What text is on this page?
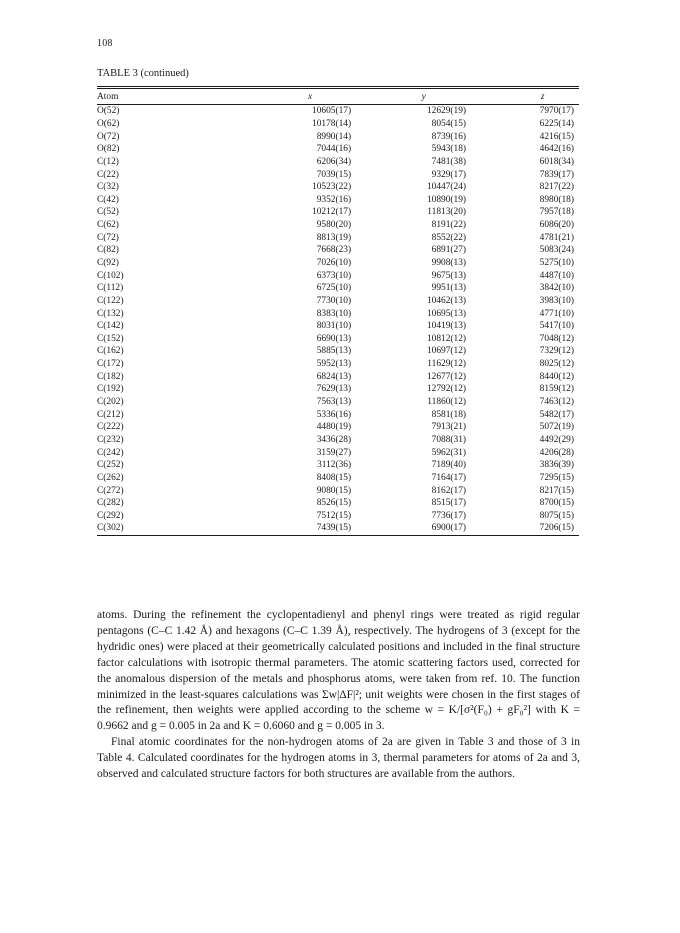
108
TABLE 3 (continued)
Atom	x	y	z
O(52)	10605(17)	12629(19)	7970(17)
O(62)	10178(14)	8054(15)	6225(14)
O(72)	8990(14)	8739(16)	4216(15)
O(82)	7044(16)	5943(18)	4642(16)
C(12)	6206(34)	7481(38)	6018(34)
C(22)	7039(15)	9329(17)	7839(17)
C(32)	10523(22)	10447(24)	8217(22)
C(42)	9352(16)	10890(19)	8980(18)
C(52)	10212(17)	11813(20)	7957(18)
C(62)	9580(20)	8191(22)	6086(20)
C(72)	8813(19)	8552(22)	4781(21)
C(82)	7668(23)	6891(27)	5083(24)
C(92)	7026(10)	9908(13)	5275(10)
C(102)	6373(10)	9675(13)	4487(10)
C(112)	6725(10)	9951(13)	3842(10)
C(122)	7730(10)	10462(13)	3983(10)
C(132)	8383(10)	10695(13)	4771(10)
C(142)	8031(10)	10419(13)	5417(10)
C(152)	6690(13)	10812(12)	7048(12)
C(162)	5885(13)	10697(12)	7329(12)
C(172)	5952(13)	11629(12)	8025(12)
C(182)	6824(13)	12677(12)	8440(12)
C(192)	7629(13)	12792(12)	8159(12)
C(202)	7563(13)	11860(12)	7463(12)
C(212)	5336(16)	8581(18)	5482(17)
C(222)	4480(19)	7913(21)	5072(19)
C(232)	3436(28)	7088(31)	4492(29)
C(242)	3159(27)	5962(31)	4206(28)
C(252)	3112(36)	7189(40)	3836(39)
C(262)	8408(15)	7164(17)	7295(15)
C(272)	9080(15)	8162(17)	8217(15)
C(282)	8526(15)	8515(17)	8700(15)
C(292)	7512(15)	7736(17)	8075(15)
C(302)	7439(15)	6900(17)	7206(15)

atoms. During the refinement the cyclopentadienyl and phenyl rings were treated as rigid regular pentagons (C–C 1.42 Å) and hexagons (C–C 1.39 Å), respectively. The hydrogens of 3 (except for the hydridic ones) were placed at their geometrically calculated positions and included in the final structure factor calculations with isotropic thermal parameters. The atomic scattering factors used, corrected for the anomalous dispersion of the metals and phosphorus atoms, were taken from ref. 10. The function minimized in the least-squares calculations was Σw|ΔF|²; unit weights were chosen in the first stages of the refinement, then weights were applied according to the scheme w = K/[σ²(F₀) + gF₀²] with K = 0.9662 and g = 0.005 in 2a and K = 0.6060 and g = 0.005 in 3.

Final atomic coordinates for the non-hydrogen atoms of 2a are given in Table 3 and those of 3 in Table 4. Calculated coordinates for the hydrogen atoms in 3, thermal parameters for atoms of 2a and 3, observed and calculated structure factors for both structures are available from the authors.
